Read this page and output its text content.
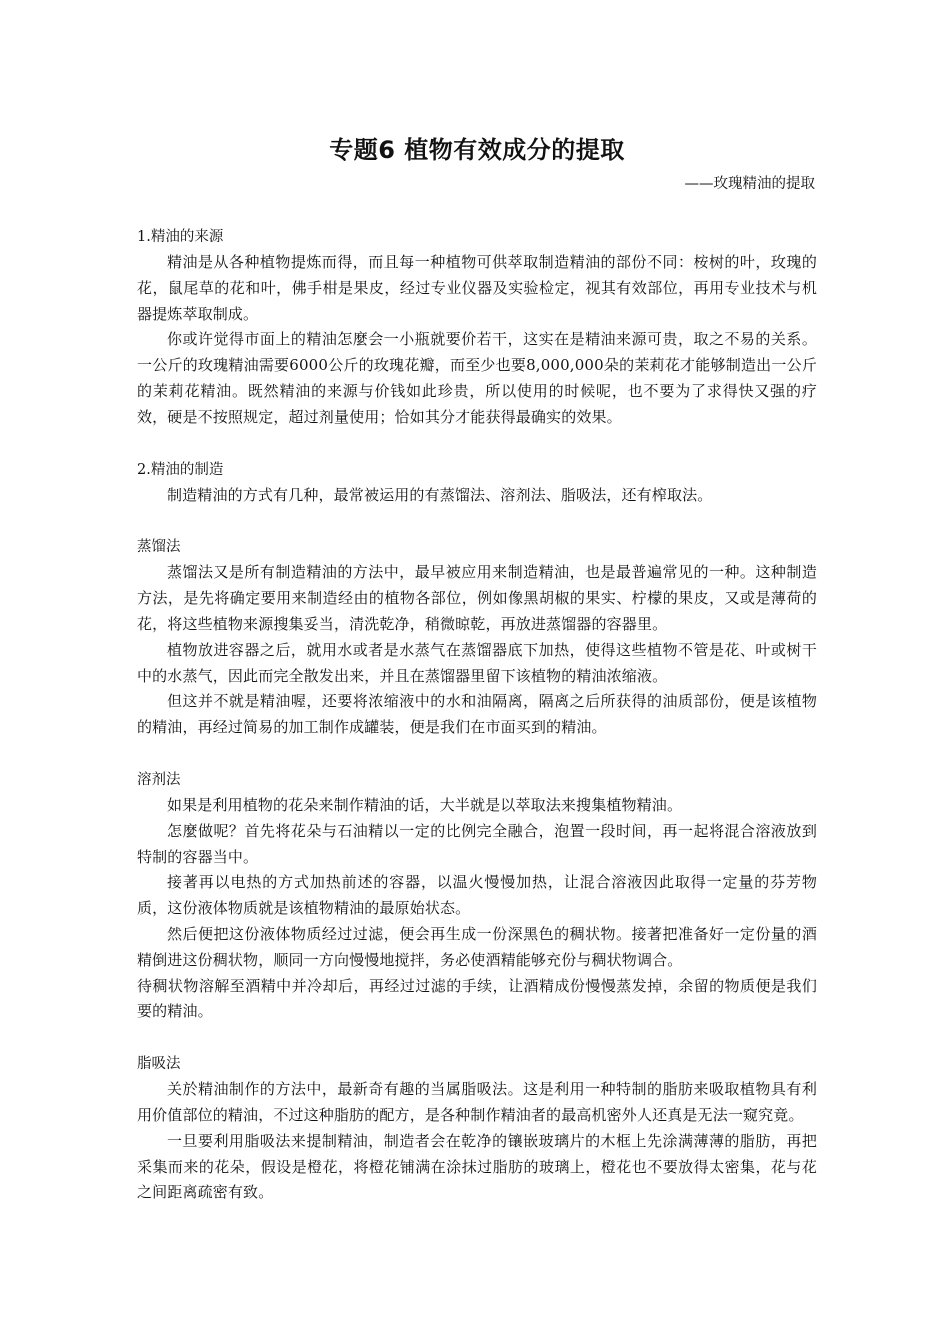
专题6 植物有效成分的提取
——玫瑰精油的提取
1.精油的来源

精油是从各种植物提炼而得，而且每一种植物可供萃取制造精油的部份不同：桉树的叶，玫瑰的花，鼠尾草的花和叶，佛手柑是果皮，经过专业仪器及实验检定，视其有效部位，再用专业技术与机器提炼萃取制成。

你或许觉得市面上的精油怎麼会一小瓶就要价若干，这实在是精油来源可贵，取之不易的关系。一公斤的玫瑰精油需要6000公斤的玫瑰花瓣，而至少也要8,000,000朵的茉莉花才能够制造出一公斤的茉莉花精油。既然精油的来源与价钱如此珍贵，所以使用的时候呢，也不要为了求得快又强的疗效，硬是不按照规定，超过剂量使用；恰如其分才能获得最确实的效果。

2.精油的制造

制造精油的方式有几种，最常被运用的有蒸馏法、溶剂法、脂吸法，还有榨取法。

蒸馏法

蒸馏法又是所有制造精油的方法中，最早被应用来制造精油，也是最普遍常见的一种。这种制造方法，是先将确定要用来制造经由的植物各部位，例如像黑胡椒的果实、柠檬的果皮，又或是薄荷的花，将这些植物来源搜集妥当，清洗乾净，稍微晾乾，再放进蒸馏器的容器里。

植物放进容器之后，就用水或者是水蒸气在蒸馏器底下加热，使得这些植物不管是花、叶或树干中的水蒸气，因此而完全散发出来，并且在蒸馏器里留下该植物的精油浓缩液。

但这并不就是精油喔，还要将浓缩液中的水和油隔离，隔离之后所获得的油质部份，便是该植物的精油，再经过简易的加工制作成罐装，便是我们在市面买到的精油。

溶剂法

如果是利用植物的花朵来制作精油的话，大半就是以萃取法来搜集植物精油。

怎麼做呢？首先将花朵与石油精以一定的比例完全融合，泡置一段时间，再一起将混合溶液放到特制的容器当中。

接著再以电热的方式加热前述的容器，以温火慢慢加热，让混合溶液因此取得一定量的芬芳物质，这份液体物质就是该植物精油的最原始状态。

然后便把这份液体物质经过过滤，便会再生成一份深黑色的稠状物。接著把准备好一定份量的酒精倒进这份稠状物，顺同一方向慢慢地搅拌，务必使酒精能够充份与稠状物调合。

待稠状物溶解至酒精中并冷却后，再经过过滤的手续，让酒精成份慢慢蒸发掉，余留的物质便是我们要的精油。

脂吸法

关於精油制作的方法中，最新奇有趣的当属脂吸法。这是利用一种特制的脂肪来吸取植物具有利用价值部位的精油，不过这种脂肪的配方，是各种制作精油者的最高机密外人还真是无法一窥究竟。

一旦要利用脂吸法来提制精油，制造者会在乾净的镶嵌玻璃片的木框上先涂满薄薄的脂肪，再把采集而来的花朵，假设是橙花，将橙花铺满在涂抹过脂肪的玻璃上，橙花也不要放得太密集，花与花之间距离疏密有致。
